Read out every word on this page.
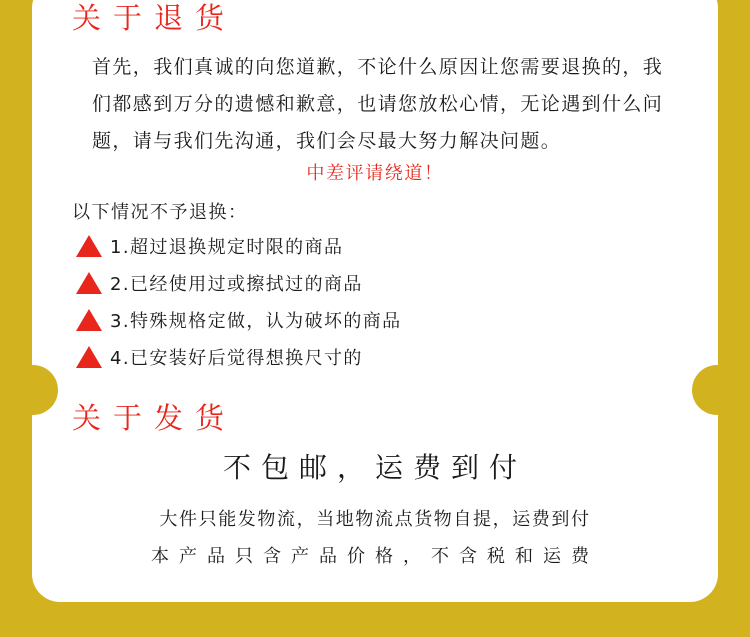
关于退货
首先，我们真诚的向您道歉，不论什么原因让您需要退换的，我
们都感到万分的遗憾和歉意，也请您放松心情，无论遇到什么问
题，请与我们先沟通，我们会尽最大努力解决问题。
中差评请绕道！
以下情况不予退换：
1.超过退换规定时限的商品
2.已经使用过或擦拭过的商品
3.特殊规格定做，认为破坏的商品
4.已安装好后觉得想换尺寸的
关于发货
不包邮，运费到付
大件只能发物流，当地物流点货物自提，运费到付
本产品只含产品价格，不含税和运费
